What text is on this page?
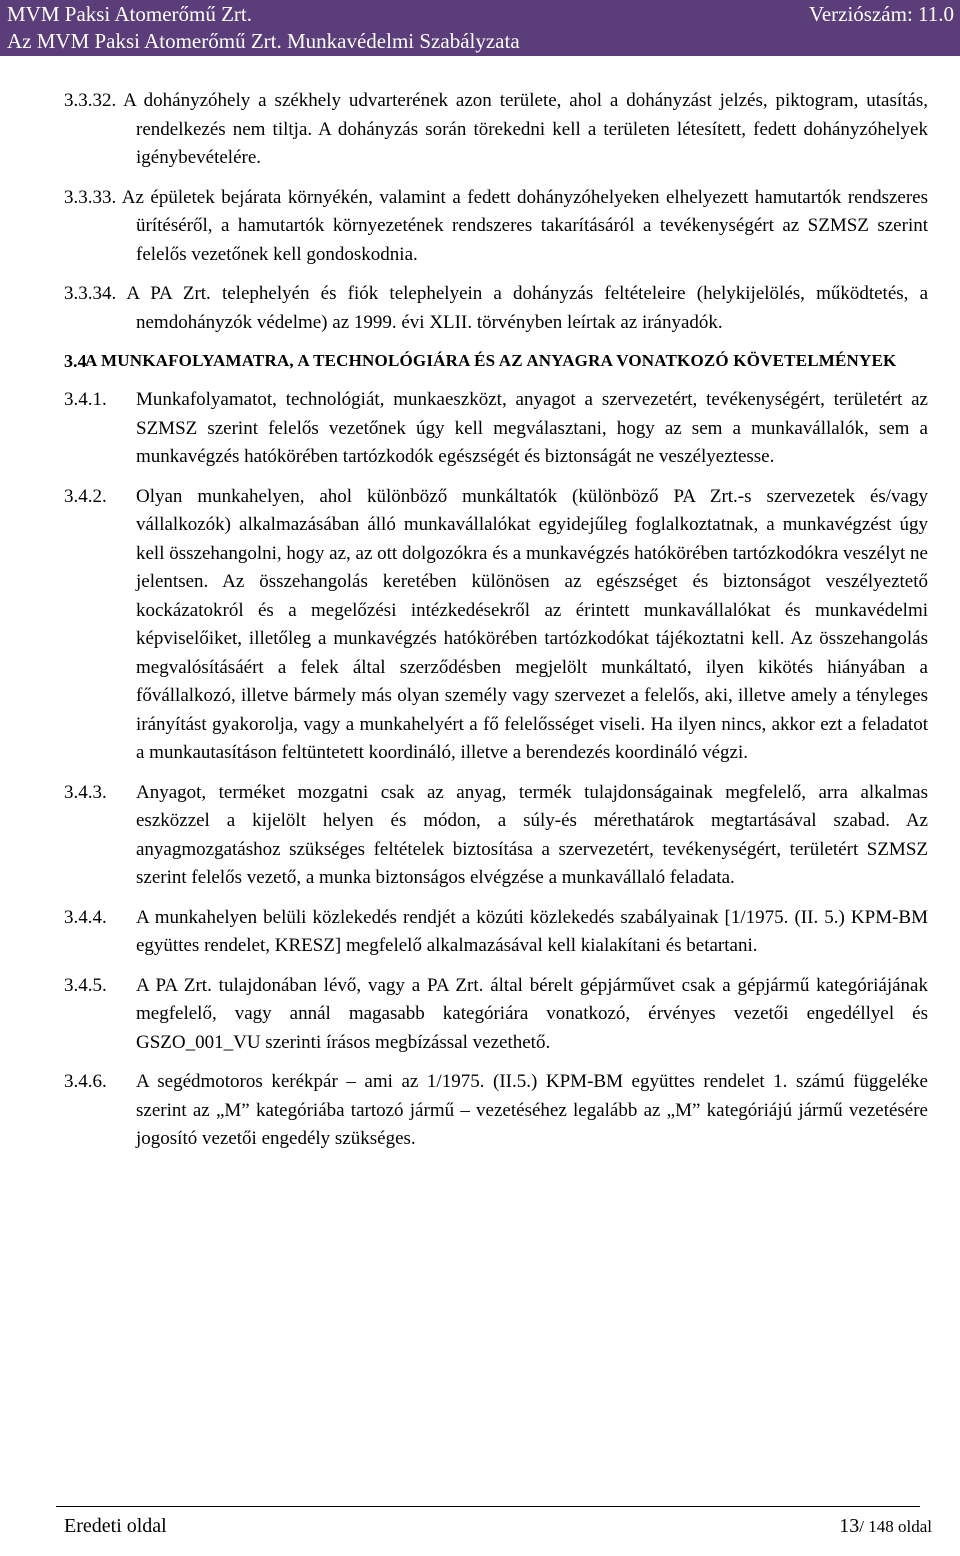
MVM Paksi Atomerőmű Zrt.
Az MVM Paksi Atomerőmű Zrt. Munkavédelmi Szabályzata
Verziószám: 11.0
3.3.32. A dohányzóhely a székhely udvarterének azon területe, ahol a dohányzást jelzés, piktogram, utasítás, rendelkezés nem tiltja. A dohányzás során törekedni kell a területen létesített, fedett dohányzóhelyek igénybevételére.
3.3.33. Az épületek bejárata környékén, valamint a fedett dohányzóhelyeken elhelyezett hamutartók rendszeres ürítéséről, a hamutartók környezetének rendszeres takarításáról a tevékenységért az SZMSZ szerint felelős vezetőnek kell gondoskodnia.
3.3.34. A PA Zrt. telephelyén és fiók telephelyein a dohányzás feltételeire (helykijelölés, működtetés, a nemdohányzók védelme) az 1999. évi XLII. törvényben leírtak az irányadók.
3.4
A MUNKAFOLYAMATRA, A TECHNOLÓGIÁRA ÉS AZ ANYAGRA VONATKOZÓ KÖVETELMÉNYEK
3.4.1. Munkafolyamatot, technológiát, munkaeszközt, anyagot a szervezetért, tevékenységért, területért az SZMSZ szerint felelős vezetőnek úgy kell megválasztani, hogy az sem a munkavállalók, sem a munkavégzés hatókörében tartózkodók egészségét és biztonságát ne veszélyeztesse.
3.4.2. Olyan munkahelyen, ahol különböző munkáltatók (különböző PA Zrt.-s szervezetek és/vagy vállalkozók) alkalmazásában álló munkavállalókat egyidejűleg foglalkoztatnak, a munkavégzést úgy kell összehangolni, hogy az, az ott dolgozókra és a munkavégzés hatókörében tartózkodókra veszélyt ne jelentsen. Az összehangolás keretében különösen az egészséget és biztonságot veszélyeztető kockázatokról és a megelőzési intézkedésekről az érintett munkavállalókat és munkavédelmi képviselőiket, illetőleg a munkavégzés hatókörében tartózkodókat tájékoztatni kell. Az összehangolás megvalósításáért a felek által szerződésben megjelölt munkáltató, ilyen kikötés hiányában a fővállalkozó, illetve bármely más olyan személy vagy szervezet a felelős, aki, illetve amely a tényleges irányítást gyakorolja, vagy a munkahelyért a fő felelősséget viseli. Ha ilyen nincs, akkor ezt a feladatot a munkautasításon feltüntetett koordináló, illetve a berendezés koordináló végzi.
3.4.3. Anyagot, terméket mozgatni csak az anyag, termék tulajdonságainak megfelelő, arra alkalmas eszközzel a kijelölt helyen és módon, a súly-és mérethatárok megtartásával szabad. Az anyagmozgatáshoz szükséges feltételek biztosítása a szervezetért, tevékenységért, területért SZMSZ szerint felelős vezető, a munka biztonságos elvégzése a munkavállaló feladata.
3.4.4. A munkahelyen belüli közlekedés rendjét a közúti közlekedés szabályainak [1/1975. (II. 5.) KPM-BM együttes rendelet, KRESZ] megfelelő alkalmazásával kell kialakítani és betartani.
3.4.5. A PA Zrt. tulajdonában lévő, vagy a PA Zrt. által bérelt gépjárművet csak a gépjármű kategóriájának megfelelő, vagy annál magasabb kategóriára vonatkozó, érvényes vezetői engedéllyel és GSZO_001_VU szerinti írásos megbízással vezethető.
3.4.6. A segédmotoros kerékpár – ami az 1/1975. (II.5.) KPM-BM együttes rendelet 1. számú függeléke szerint az „M” kategóriába tartozó jármű – vezetéséhez legalább az „M” kategóriájú jármű vezetésére jogosító vezetői engedély szükséges.
Eredeti oldal	13/ 148 oldal
